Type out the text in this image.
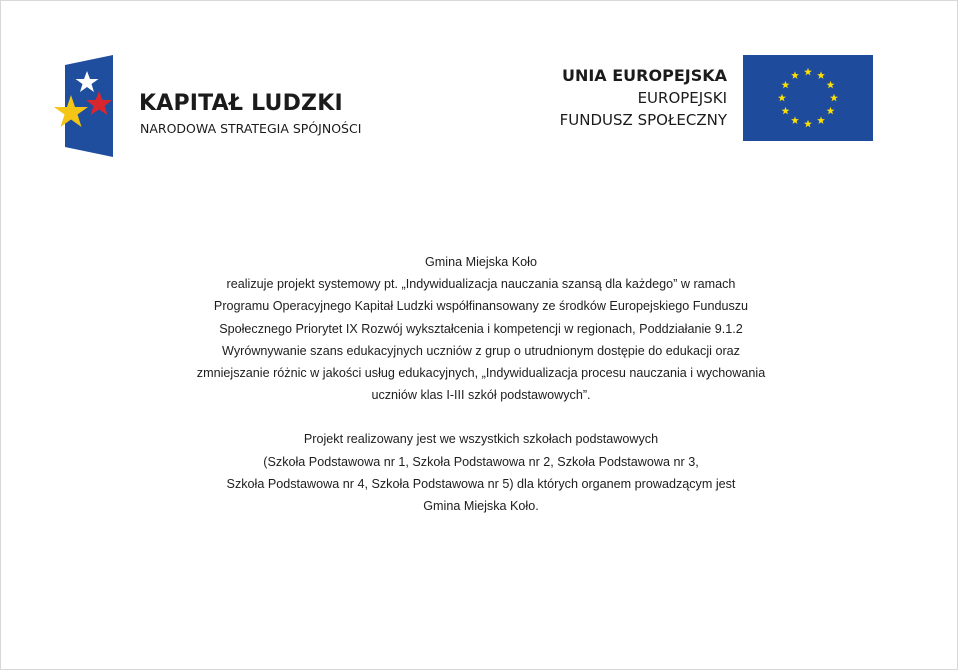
KAPITAŁ LUDZKI
NARODOWA STRATEGIA SPÓJNOŚCI
UNIA EUROPEJSKA
EUROPEJSKI
FUNDUSZ SPOŁECZNY

Gmina Miejska Koło

realizuje projekt systemowy pt. „Indywidualizacja nauczania szansą dla każdego” w ramach

Programu Operacyjnego Kapitał Ludzki współfinansowany ze środków Europejskiego Funduszu

Społecznego Priorytet IX Rozwój wykształcenia i kompetencji w regionach, Poddziałanie 9.1.2

Wyrównywanie szans edukacyjnych uczniów z grup o utrudnionym dostępie do edukacji oraz

zmniejszanie różnic w jakości usług edukacyjnych, „Indywidualizacja procesu nauczania i wychowania

uczniów klas I-III szkół podstawowych”.

Projekt realizowany jest we wszystkich szkołach podstawowych

(Szkoła Podstawowa nr 1, Szkoła Podstawowa nr 2, Szkoła Podstawowa nr 3,

Szkoła Podstawowa nr 4, Szkoła Podstawowa nr 5) dla których organem prowadzącym jest

Gmina Miejska Koło.
